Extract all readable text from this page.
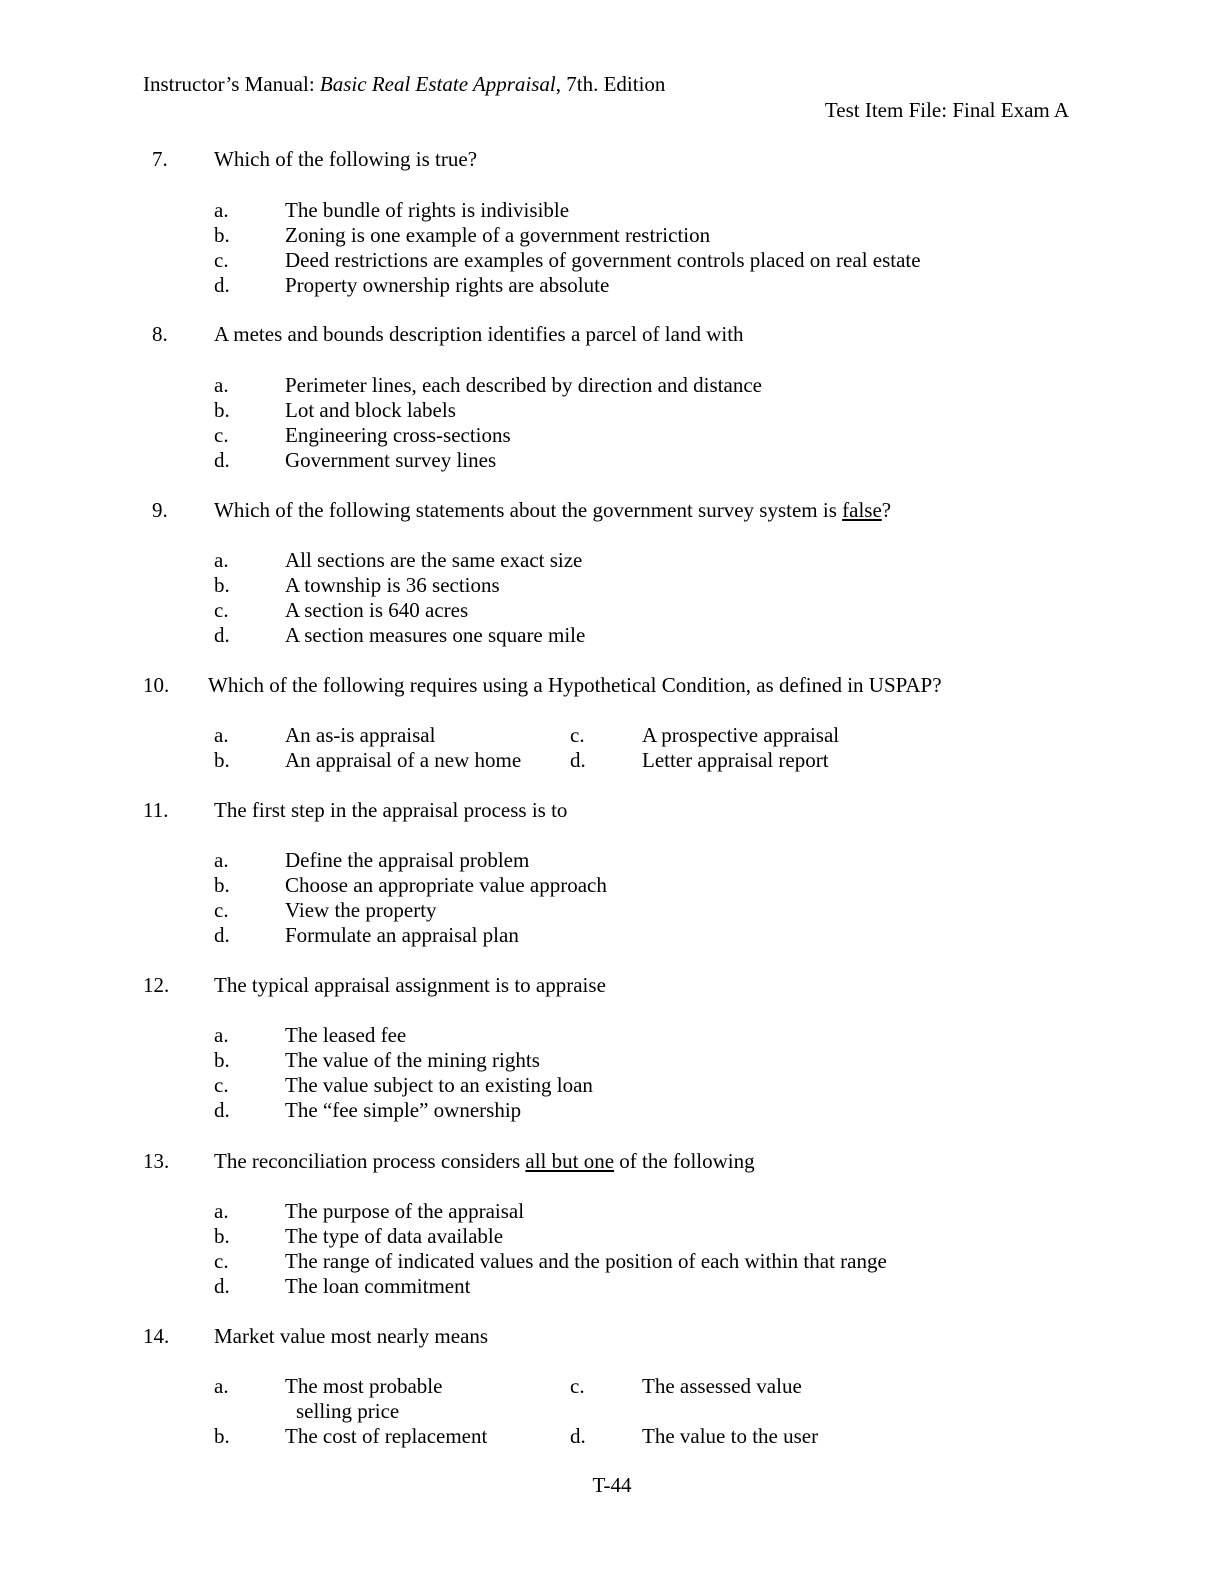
Instructor’s Manual: Basic Real Estate Appraisal, 7th. Edition
Test Item File: Final Exam A
7. Which of the following is true?
a.	The bundle of rights is indivisible
b.	Zoning is one example of a government restriction
c.	Deed restrictions are examples of government controls placed on real estate
d.	Property ownership rights are absolute
8. A metes and bounds description identifies a parcel of land with
a.	Perimeter lines, each described by direction and distance
b.	Lot and block labels
c.	Engineering cross-sections
d.	Government survey lines
9. Which of the following statements about the government survey system is false?
a.	All sections are the same exact size
b.	A township is 36 sections
c.	A section is 640 acres
d.	A section measures one square mile
10. Which of the following requires using a Hypothetical Condition, as defined in USPAP?
a.	An as-is appraisal
b.	An appraisal of a new home
c.	A prospective appraisal
d.	Letter appraisal report
11. The first step in the appraisal process is to
a.	Define the appraisal problem
b.	Choose an appropriate value approach
c.	View the property
d.	Formulate an appraisal plan
12. The typical appraisal assignment is to appraise
a.	The leased fee
b.	The value of the mining rights
c.	The value subject to an existing loan
d.	The “fee simple” ownership
13. The reconciliation process considers all but one of the following
a.	The purpose of the appraisal
b.	The type of data available
c.	The range of indicated values and the position of each within that range
d.	The loan commitment
14. Market value most nearly means
a.	The most probable
selling price
b.	The cost of replacement
c.	The assessed value
d.	The value to the user
T-44
